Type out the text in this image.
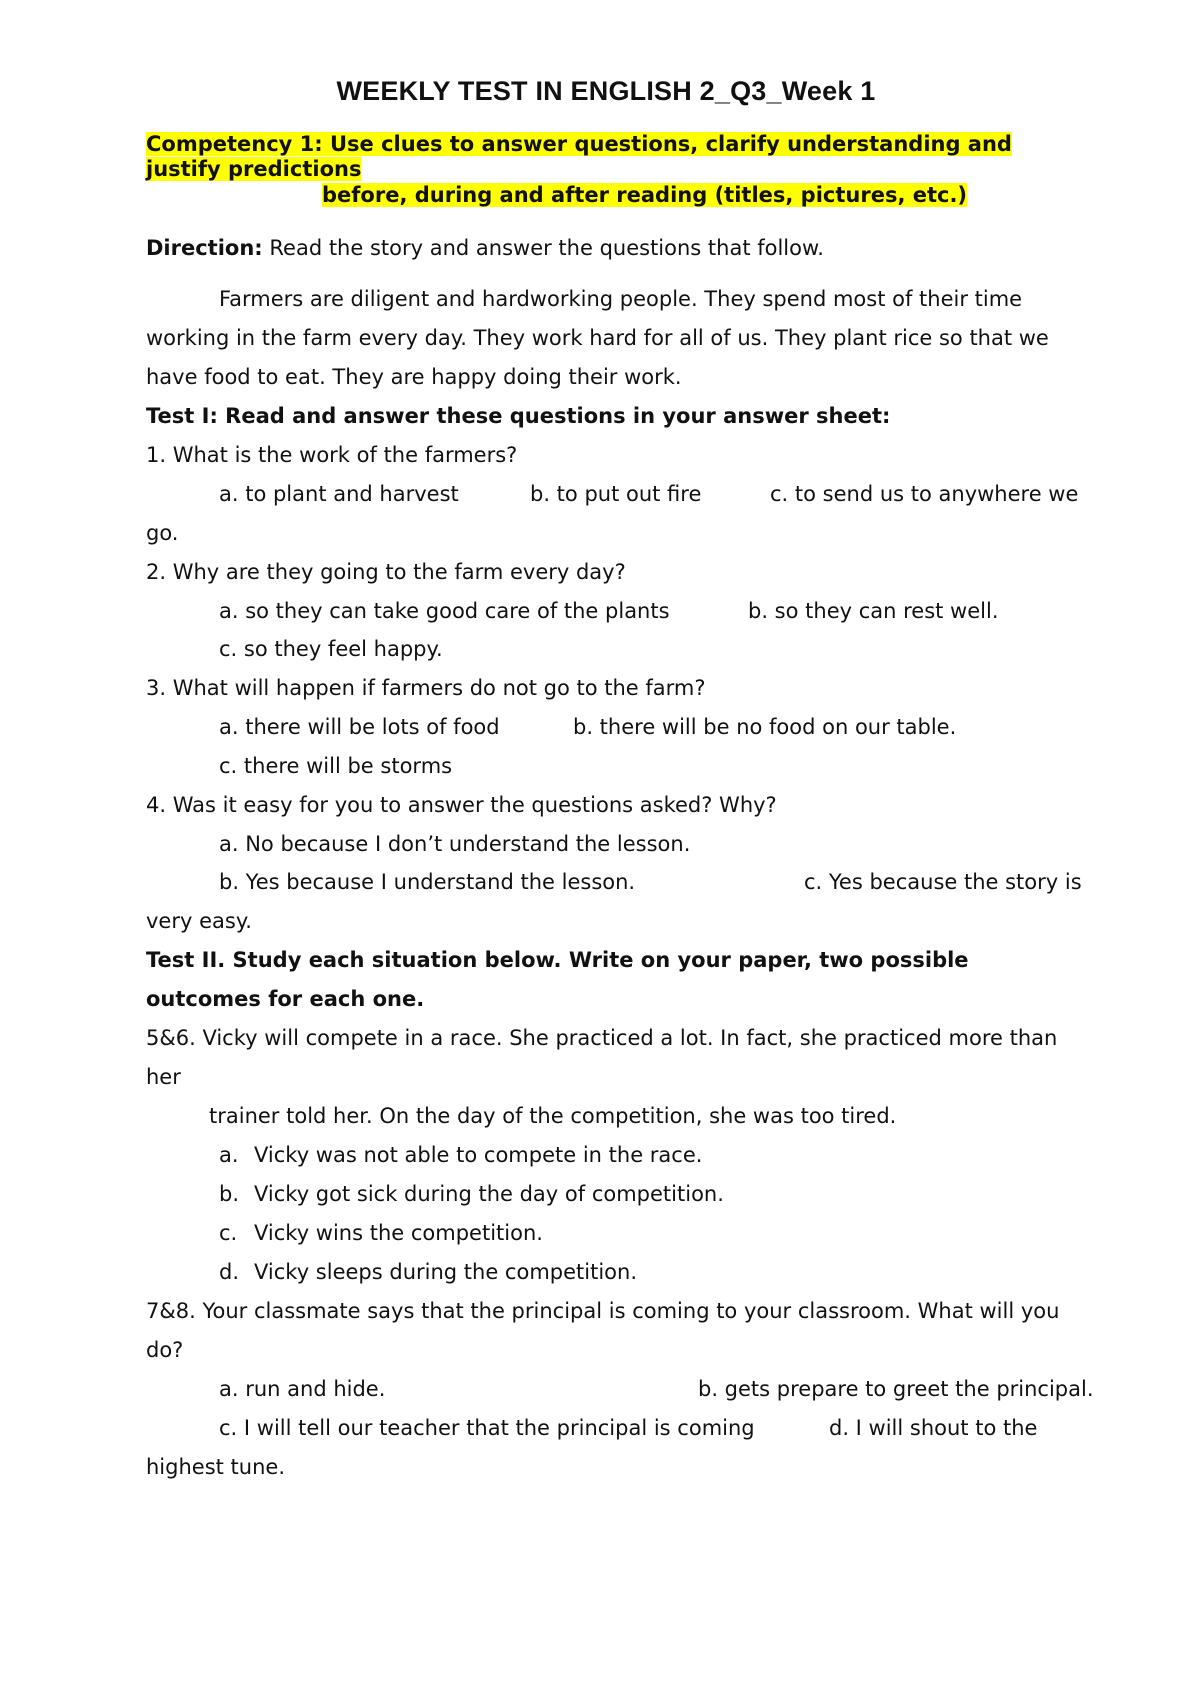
WEEKLY TEST IN ENGLISH 2_Q3_Week 1
Competency 1: Use clues to answer questions, clarify understanding and
justify predictions
before, during and after reading (titles, pictures, etc.)
Direction: Read the story and answer the questions that follow.
Farmers are diligent and hardworking people. They spend most of their time
working in the farm every day. They work hard for all of us. They plant rice so that we
have food to eat. They are happy doing their work.
Test I: Read and answer these questions in your answer sheet:
1. What is the work of the farmers?
a. to plant and harvest	b. to put out fire	c. to send us to anywhere we
go.
2. Why are they going to the farm every day?
a. so they can take good care of the plants	b. so they can rest well.
c. so they feel happy.
3. What will happen if farmers do not go to the farm?
a. there will be lots of food	b. there will be no food on our table.
c. there will be storms
4. Was it easy for you to answer the questions asked? Why?
a. No because I don’t understand the lesson.
b. Yes because I understand the lesson.	c. Yes because the story is
very easy.
Test II. Study each situation below. Write on your paper, two possible
outcomes for each one.
5&6. Vicky will compete in a race. She practiced a lot. In fact, she practiced more than
her
trainer told her. On the day of the competition, she was too tired.
a. Vicky was not able to compete in the race.
b. Vicky got sick during the day of competition.
c. Vicky wins the competition.
d. Vicky sleeps during the competition.
7&8. Your classmate says that the principal is coming to your classroom. What will you
do?
a. run and hide.	b. gets prepare to greet the principal.
c. I will tell our teacher that the principal is coming	d. I will shout to the
highest tune.
